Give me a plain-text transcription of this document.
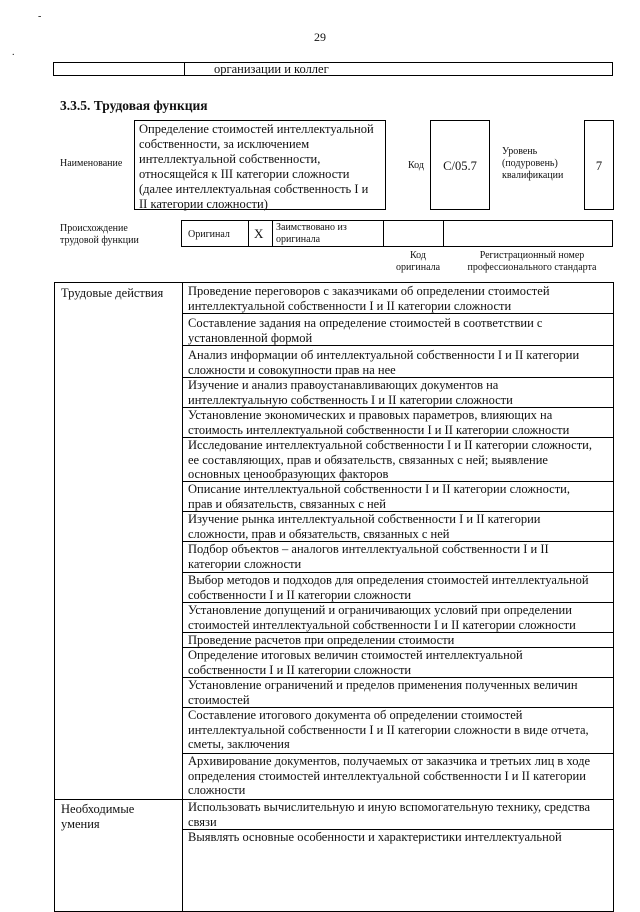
29
-
.
организации и коллег
3.3.5. Трудовая функция
Наименование
Определение стоимостей интеллектуальной
собственности, за исключением
интеллектуальной собственности,
относящейся к III категории сложности
(далее интеллектуальная собственность I и
II категории сложности)
Код	C/05.7
Уровень
(подуровень)
квалификации
7
Происхождение
трудовой функции
Оригинал X Заимствовано из
оригинала
Код
оригинала
Регистрационный номер
профессионального стандарта
Трудовые действия
Необходимые
умения
Проведение переговоров с заказчиками об определении стоимостей
интеллектуальной собственности I и II категории сложности
Составление задания на определение стоимостей в соответствии с
установленной формой
Анализ информации об интеллектуальной собственности I и II категории
сложности и совокупности прав на нее
Изучение и анализ правоустанавливающих документов на
интеллектуальную собственность I и II категории сложности
Установление экономических и правовых параметров, влияющих на
стоимость интеллектуальной собственности I и II категории сложности
Исследование интеллектуальной собственности I и II категории сложности,
ее составляющих, прав и обязательств, связанных с ней; выявление
основных ценообразующих факторов
Описание интеллектуальной собственности I и II категории сложности,
прав и обязательств, связанных с ней
Изучение рынка интеллектуальной собственности I и II категории
сложности, прав и обязательств, связанных с ней
Подбор объектов – аналогов интеллектуальной собственности I и II
категории сложности
Выбор методов и подходов для определения стоимостей интеллектуальной
собственности I и II категории сложности
Установление допущений и ограничивающих условий при определении
стоимостей интеллектуальной собственности I и II категории сложности
Проведение расчетов при определении стоимости
Определение итоговых величин стоимостей интеллектуальной
собственности I и II категории сложности
Установление ограничений и пределов применения полученных величин
стоимостей
Составление итогового документа об определении стоимостей
интеллектуальной собственности I и II категории сложности в виде отчета,
сметы, заключения
Архивирование документов, получаемых от заказчика и третьих лиц в ходе
определения стоимостей интеллектуальной собственности I и II категории
сложности
Использовать вычислительную и иную вспомогательную технику, средства
связи
Выявлять основные особенности и характеристики интеллектуальной
